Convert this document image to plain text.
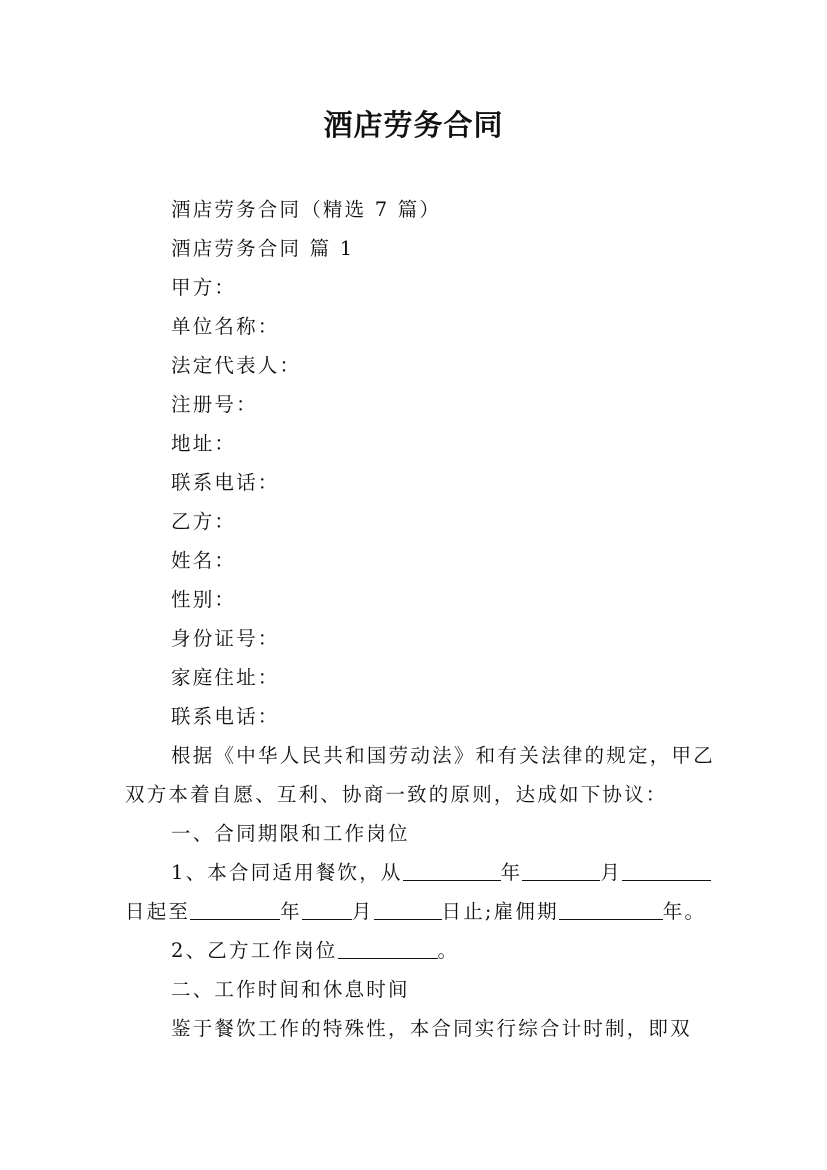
酒店劳务合同
酒店劳务合同（精选 7 篇）
酒店劳务合同 篇 1
甲方：
单位名称：
法定代表人：
注册号：
地址：
联系电话：
乙方：
姓名：
性别：
身份证号：
家庭住址：
联系电话：
根据《中华人民共和国劳动法》和有关法律的规定，甲乙双方本着自愿、互利、协商一致的原则，达成如下协议：
一、合同期限和工作岗位
1、本合同适用餐饮，从	年	月
日起至	年	月	日止;雇佣期	年。
2、乙方工作岗位	。
二、工作时间和休息时间
鉴于餐饮工作的特殊性，本合同实行综合计时制，即双
